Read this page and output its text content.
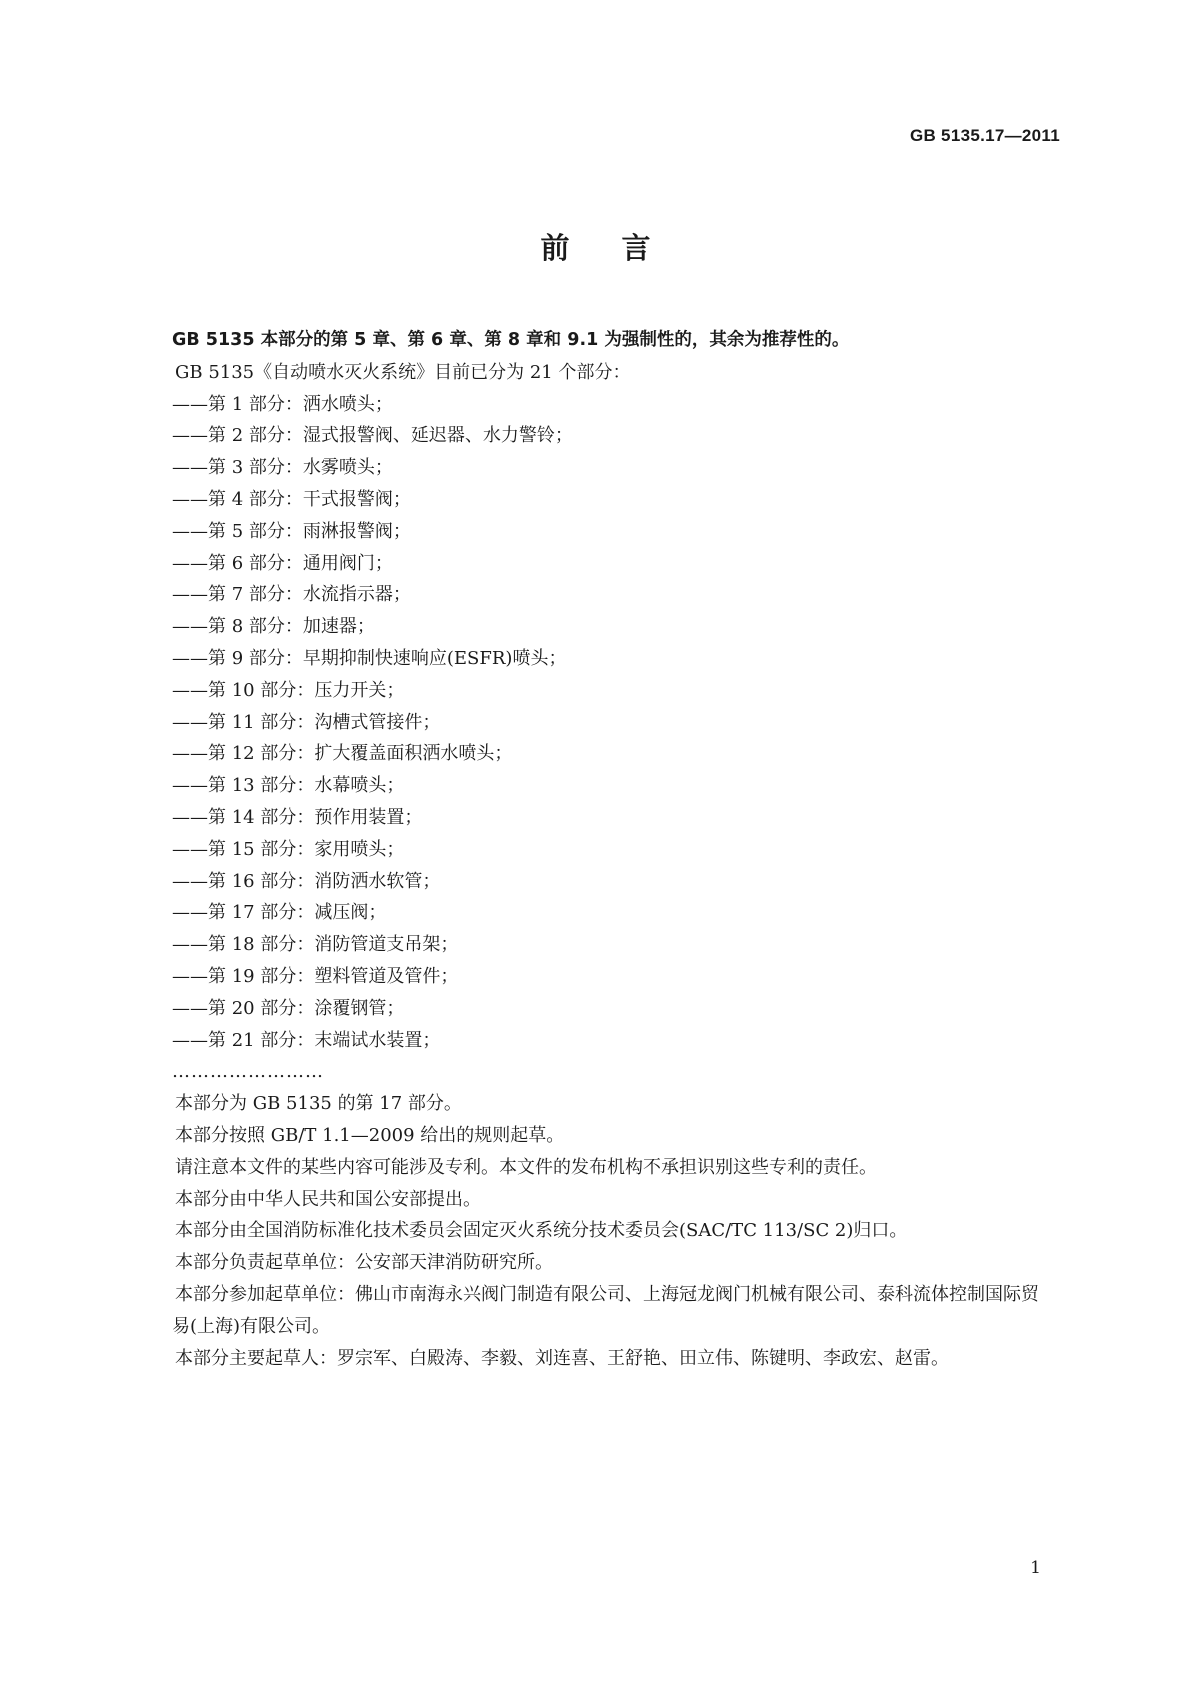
GB 5135.17—2011
前言
GB 5135 本部分的第 5 章、第 6 章、第 8 章和 9.1 为强制性的，其余为推荐性的。
GB 5135《自动喷水灭火系统》目前已分为 21 个部分：
——第 1 部分：洒水喷头；
——第 2 部分：湿式报警阀、延迟器、水力警铃；
——第 3 部分：水雾喷头；
——第 4 部分：干式报警阀；
——第 5 部分：雨淋报警阀；
——第 6 部分：通用阀门；
——第 7 部分：水流指示器；
——第 8 部分：加速器；
——第 9 部分：早期抑制快速响应(ESFR)喷头；
——第 10 部分：压力开关；
——第 11 部分：沟槽式管接件；
——第 12 部分：扩大覆盖面积洒水喷头；
——第 13 部分：水幕喷头；
——第 14 部分：预作用装置；
——第 15 部分：家用喷头；
——第 16 部分：消防洒水软管；
——第 17 部分：减压阀；
——第 18 部分：消防管道支吊架；
——第 19 部分：塑料管道及管件；
——第 20 部分：涂覆钢管；
——第 21 部分：末端试水装置；
……………………
本部分为 GB 5135 的第 17 部分。
本部分按照 GB/T 1.1—2009 给出的规则起草。
请注意本文件的某些内容可能涉及专利。本文件的发布机构不承担识别这些专利的责任。
本部分由中华人民共和国公安部提出。
本部分由全国消防标准化技术委员会固定灭火系统分技术委员会(SAC/TC 113/SC 2)归口。
本部分负责起草单位：公安部天津消防研究所。
本部分参加起草单位：佛山市南海永兴阀门制造有限公司、上海冠龙阀门机械有限公司、泰科流体控制国际贸易(上海)有限公司。
本部分主要起草人：罗宗军、白殿涛、李毅、刘连喜、王舒艳、田立伟、陈键明、李政宏、赵雷。
1
